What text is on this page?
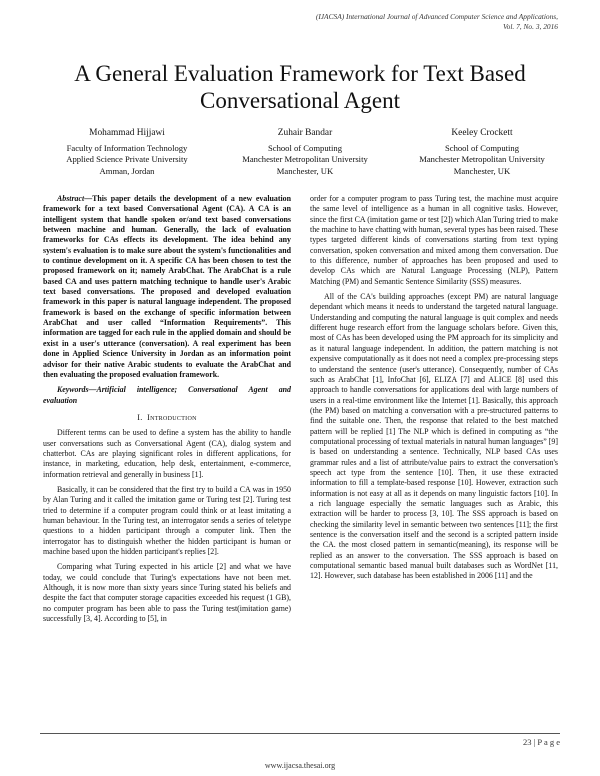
(IJACSA) International Journal of Advanced Computer Science and Applications,
Vol. 7, No. 3, 2016
A General Evaluation Framework for Text Based
Conversational Agent
Mohammad Hijjawi
Faculty of Information Technology
Applied Science Private University
Amman, Jordan
Zuhair Bandar
School of Computing
Manchester Metropolitan University
Manchester, UK
Keeley Crockett
School of Computing
Manchester Metropolitan University
Manchester, UK

Abstract—This paper details the development of a new evaluation framework for a text based Conversational Agent (CA). A CA is an intelligent system that handle spoken or/and text based conversations between machine and human. Generally, the lack of evaluation frameworks for CAs effects its development. The idea behind any system's evaluation is to make sure about the system's functionalities and to continue development on it. A specific CA has been chosen to test the proposed framework on it; namely ArabChat. The ArabChat is a rule based CA and uses pattern matching technique to handle user's Arabic text based conversations. The proposed and developed evaluation framework in this paper is natural language independent. The proposed framework is based on the exchange of specific information between ArabChat and user called “Information Requirements”. This information are tagged for each rule in the applied domain and should be exist in a user's utterance (conversation). A real experiment has been done in Applied Science University in Jordan as an information point advisor for their native Arabic students to evaluate the ArabChat and then evaluating the proposed evaluation framework.

Keywords—Artificial intelligence; Conversational Agent and evaluation

I. Introduction

Different terms can be used to define a system has the ability to handle user conversations such as Conversational Agent (CA), dialog system and chatterbot. CAs are playing significant roles in different applications, for instance, in marketing, education, help desk, entertainment, e-commerce, information retrieval and generally in business [1].

Basically, it can be considered that the first try to build a CA was in 1950 by Alan Turing and it called the imitation game or Turing test [2]. Turing test tried to determine if a computer program could think or at least imitating a human behaviour. In the Turing test, an interrogator sends a series of teletype questions to a hidden participant through a computer link. Then the interrogator has to distinguish whether the hidden participant is human or machine based upon the hidden participant's replies [2].

Comparing what Turing expected in his article [2] and what we have today, we could conclude that Turing's expectations have not been met. Although, it is now more than sixty years since Turing stated his beliefs and despite the fact that computer storage capacities exceeded his request (1 GB), no computer program has been able to pass the Turing test(imitation game) successfully [3, 4]. According to [5], in

order for a computer program to pass Turing test, the machine must acquire the same level of intelligence as a human in all cognitive tasks. However, since the first CA (imitation game or test [2]) which Alan Turing tried to make the machine to have chatting with human, several types has been raised. These types targeted different kinds of conversations starting from text typing conversation, spoken conversation and mixed among them conversation. Due to this difference, number of approaches has been proposed and used to develop CAs which are Natural Language Processing (NLP), Pattern Matching (PM) and Semantic Sentence Similarity (SSS) measures.

All of the CA's building approaches (except PM) are natural language dependant which means it needs to understand the targeted natural language. Understanding and computing the natural language is quit complex and needs different huge research effort from the language scholars before. Given this, most of CAs has been developed using the PM approach for its simplicity and as it natural language independent. In addition, the pattern matching is not expensive computationally as it does not need a complex pre-processing steps to understand the sentence (user's utterance). Consequently, number of CAs such as ArabChat [1], InfoChat [6], ELIZA [7] and ALICE [8] used this approach to handle conversations for applications deal with large numbers of users in a real-time environment like the Internet [1]. Basically, this approach (the PM) based on matching a conversation with a pre-structured patterns to find the suitable one. Then, the response that related to the best matched pattern will be replied [1] The NLP which is defined in computing as “the computational processing of textual materials in natural human languages” [9] is based on understanding a sentence. Technically, NLP based CAs uses grammar rules and a list of attribute/value pairs to extract the conversation's speech act type from the sentence [10]. Then, it use these extracted information to fill a template-based response [10]. However, extraction such information is not easy at all as it depends on many linguistic factors [10]. In a rich language especially the sematic languages such as Arabic, this extraction will be harder to process [3, 10]. The SSS approach is based on checking the similarity level in semantic between two sentences [11]; the first sentence is the conversation itself and the second is a scripted pattern inside the CA. the most closed pattern in semantic(meaning), its response will be replied as an answer to the conversation. The SSS approach is based on computational semantic based manual built databases such as WordNet [11, 12]. However, such database has been established in 2006 [11] and the

23 | P a g e
www.ijacsa.thesai.org
